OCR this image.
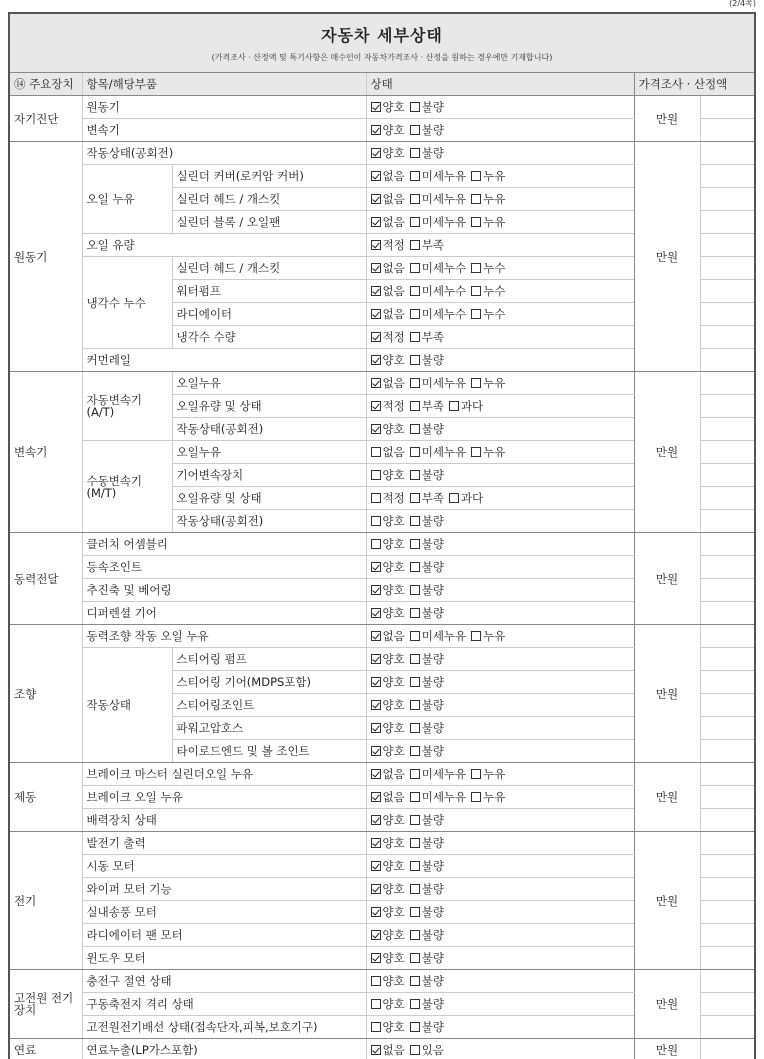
(2/4쪽)
자동차 세부상태
(가격조사 · 산정액 및 특기사항은 매수인이 자동차가격조사 · 산정을 원하는 경우에만 기재합니다)
⑭ 주요장치	항목/해당부품		상태	가격조사 · 산정액	
자기진단	원동기		양호 불량	만원	
	변속기		양호 불량		
원동기	작동상태(공회전)		양호 불량	만원	
	오일 누유	실린더 커버(로커암 커버)	없음 미세누유 누유		
		실린더 헤드 / 개스킷	없음 미세누유 누유		
		실린더 블록 / 오일팬	없음 미세누유 누유		
	오일 유량		적정 부족		
	냉각수 누수	실린더 헤드 / 개스킷	없음 미세누수 누수		
		워터펌프	없음 미세누수 누수		
		라디에이터	없음 미세누수 누수		
		냉각수 수량	적정 부족		
	커먼레일		양호 불량		
변속기	자동변속기 (A/T)	오일누유	없음 미세누유 누유	만원	
		오일유량 및 상태	적정 부족 과다		
		작동상태(공회전)	양호 불량		
	수동변속기 (M/T)	오일누유	없음 미세누유 누유		
		기어변속장치	양호 불량		
		오일유량 및 상태	적정 부족 과다		
		작동상태(공회전)	양호 불량		
동력전달	클러치 어셈블리		양호 불량	만원	
	등속조인트		양호 불량		
	추진축 및 베어링		양호 불량		
	디퍼렌셜 기어		양호 불량		
조향	동력조향 작동 오일 누유		없음 미세누유 누유	만원	
	작동상태	스티어링 펌프	양호 불량		
		스티어링 기어(MDPS포함)	양호 불량		
		스티어링조인트	양호 불량		
		파워고압호스	양호 불량		
		타이로드엔드 및 볼 조인트	양호 불량		
제동	브레이크 마스터 실린더오일 누유		없음 미세누유 누유	만원	
	브레이크 오일 누유		없음 미세누유 누유		
	배력장치 상태		양호 불량		
전기	발전기 출력		양호 불량	만원	
	시동 모터		양호 불량		
	와이퍼 모터 기능		양호 불량		
	실내송풍 모터		양호 불량		
	라디에이터 팬 모터		양호 불량		
	윈도우 모터		양호 불량		
고전원 전기장치	충전구 절연 상태		양호 불량	만원	
	구동축전지 격리 상태		양호 불량		
	고전원전기배선 상태(접속단자,피복,보호기구)		양호 불량		
연료	연료누출(LP가스포함)		없음 있음	만원	
